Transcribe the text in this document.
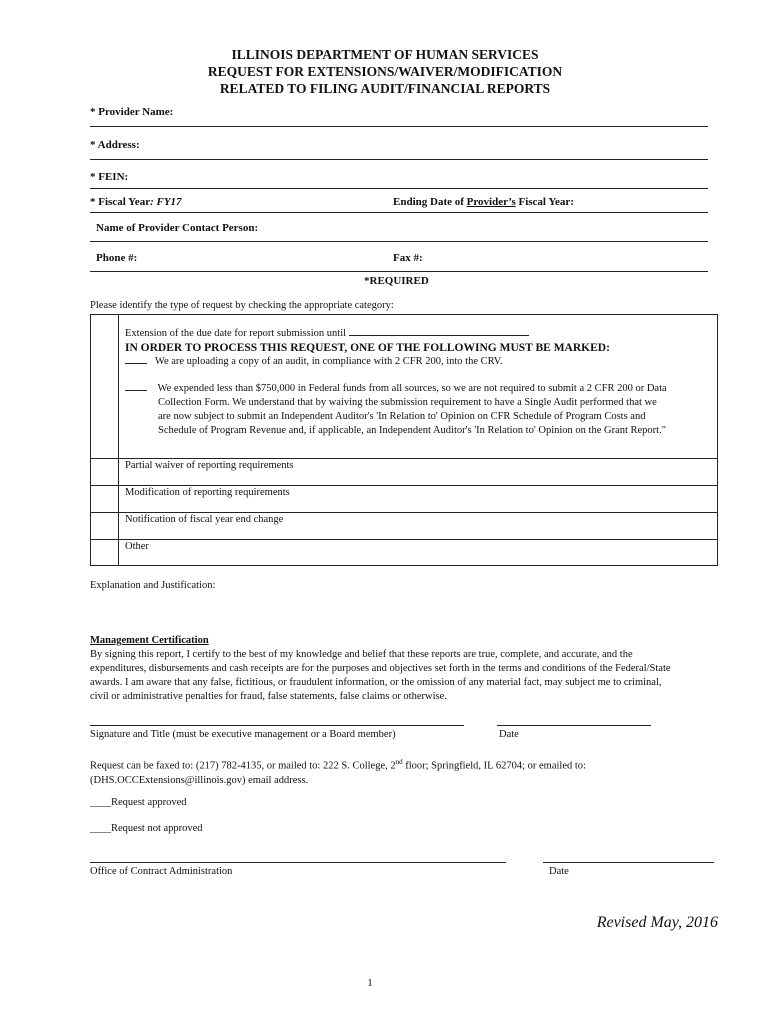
ILLINOIS DEPARTMENT OF HUMAN SERVICES
REQUEST FOR EXTENSIONS/WAIVER/MODIFICATION
RELATED TO FILING AUDIT/FINANCIAL REPORTS
* Provider Name:
* Address:
* FEIN:
* Fiscal Year: FY17	Ending Date of Provider’s Fiscal Year:
Name of Provider Contact Person:
Phone #:	Fax #:
*REQUIRED
Please identify the type of request by checking the appropriate category:
Extension of the due date for report submission until
IN ORDER TO PROCESS THIS REQUEST, ONE OF THE FOLLOWING MUST BE MARKED:
We are uploading a copy of an audit, in compliance with 2 CFR 200, into the CRV.
We expended less than $750,000 in Federal funds from all sources, so we are not required to submit a 2 CFR 200 or Data
Collection Form. We understand that by waiving the submission requirement to have a Single Audit performed that we
are now subject to submit an Independent Auditor's 'In Relation to' Opinion on CFR Schedule of Program Costs and
Schedule of Program Revenue and, if applicable, an Independent Auditor's 'In Relation to' Opinion on the Grant Report."
Partial waiver of reporting requirements
Modification of reporting requirements
Notification of fiscal year end change
Other
Explanation and Justification:
Management Certification
By signing this report, I certify to the best of my knowledge and belief that these reports are true, complete, and accurate, and the
expenditures, disbursements and cash receipts are for the purposes and objectives set forth in the terms and conditions of the Federal/State
awards. I am aware that any false, fictitious, or fraudulent information, or the omission of any material fact, may subject me to criminal,
civil or administrative penalties for fraud, false statements, false claims or otherwise.
Signature and Title (must be executive management or a Board member)	Date
Request can be faxed to: (217) 782-4135, or mailed to: 222 S. College, 2nd floor; Springfield, IL 62704; or emailed to:
(DHS.OCCExtensions@illinois.gov) email address.
____Request approved
____Request not approved
Office of Contract Administration	Date
Revised May, 2016
1
